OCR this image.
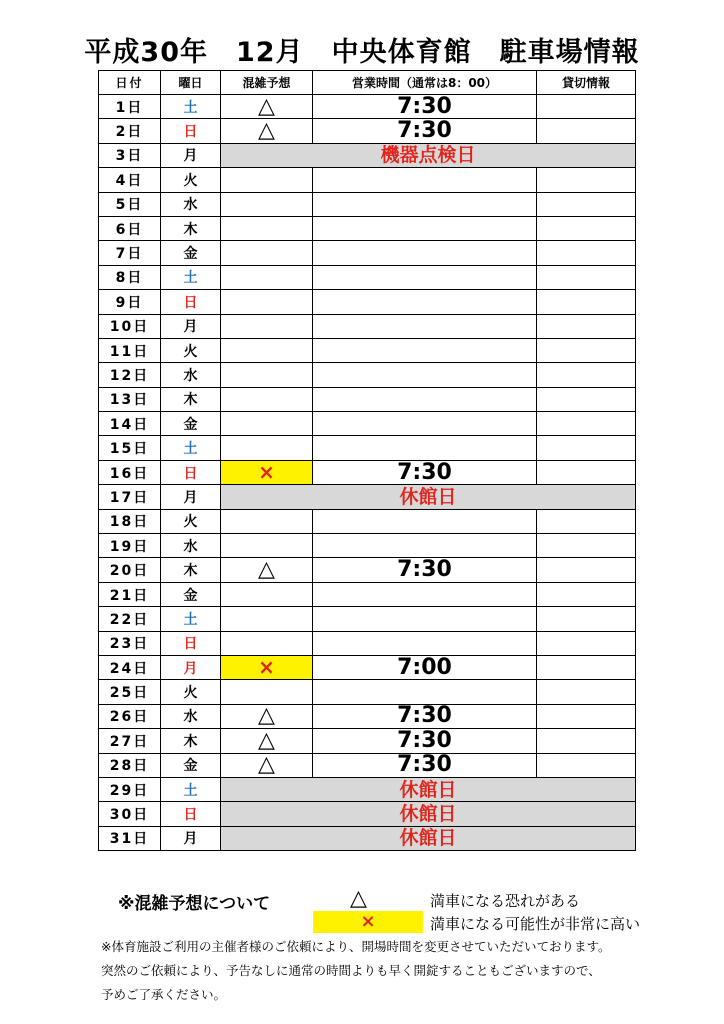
平成30年　12月　中央体育館　駐車場情報
日付	曜日	混雑予想	営業時間（通常は8：00）	貸切情報
1日	土	△	7:30	
2日	日	△	7:30	
3日	月	機器点検日		
4日	火			
5日	水			
6日	木			
7日	金			
8日	土			
9日	日			
10日	月			
11日	火			
12日	水			
13日	木			
14日	金			
15日	土			
16日	日	×	7:30	
17日	月	休館日		
18日	火			
19日	水			
20日	木	△	7:30	
21日	金			
22日	土			
23日	日			
24日	月	×	7:00	
25日	火			
26日	水	△	7:30	
27日	木	△	7:30	
28日	金	△	7:30	
29日	土	休館日		
30日	日	休館日		
31日	月	休館日		
※混雑予想について	△	満車になる恐れがある
×	満車になる可能性が非常に高い
※体育施設ご利用の主催者様のご依頼により、開場時間を変更させていただいております。
突然のご依頼により、予告なしに通常の時間よりも早く開錠することもございますので、
予めご了承ください。
